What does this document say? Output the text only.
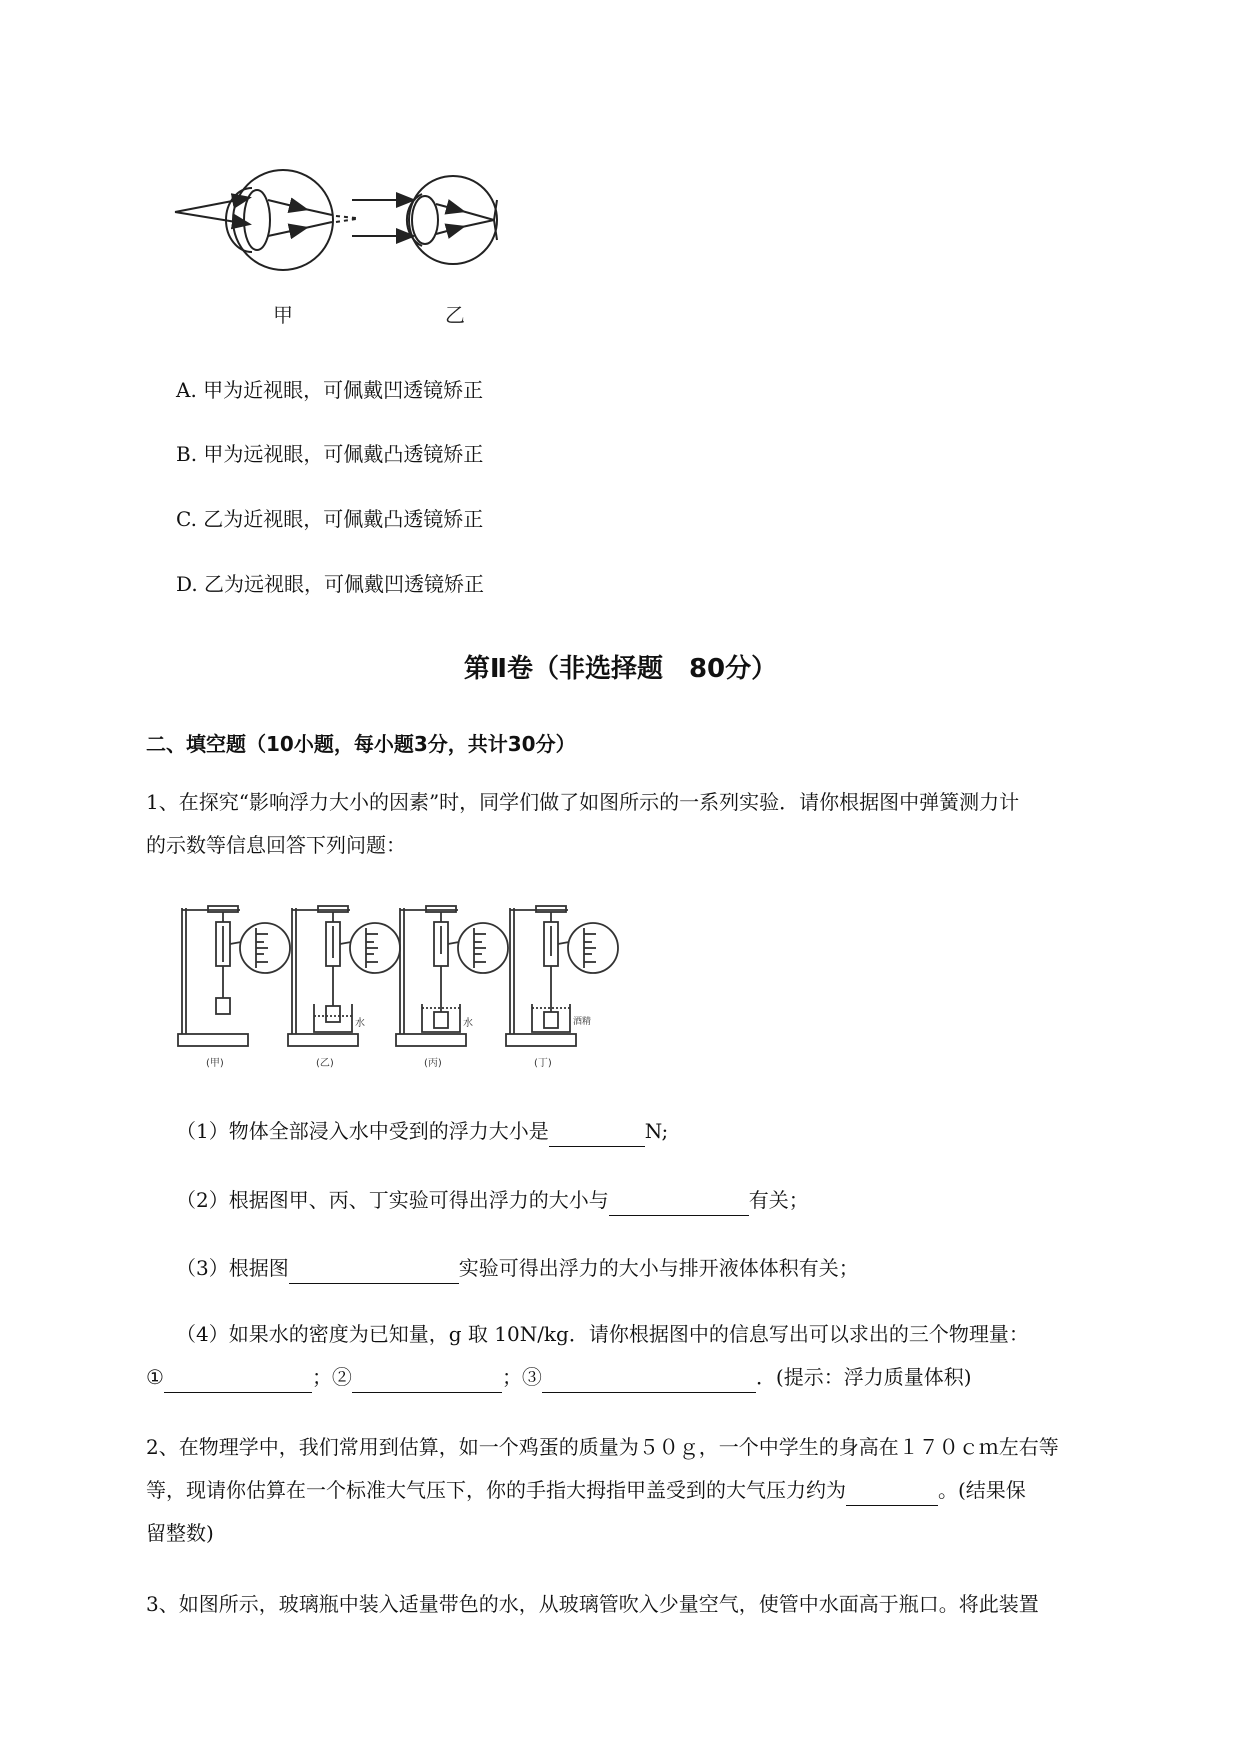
甲	乙
A. 甲为近视眼，可佩戴凹透镜矫正
B. 甲为远视眼，可佩戴凸透镜矫正
C. 乙为近视眼，可佩戴凸透镜矫正
D. 乙为远视眼，可佩戴凹透镜矫正
第Ⅱ卷（非选择题　80分）
二、填空题（10小题，每小题3分，共计30分）
1、在探究“影响浮力大小的因素”时，同学们做了如图所示的一系列实验．请你根据图中弹簧测力计
的示数等信息回答下列问题：
水	水	酒精
(甲)	(乙)	(丙)	(丁)
（1）物体全部浸入水中受到的浮力大小是	N;
（2）根据图甲、丙、丁实验可得出浮力的大小与	有关；
（3）根据图	实验可得出浮力的大小与排开液体体积有关；
（4）如果水的密度为已知量，g 取 10N/kg．请你根据图中的信息写出可以求出的三个物理量：
①	；②	；③	．(提示：浮力质量体积)
2、在物理学中，我们常用到估算，如一个鸡蛋的质量为５０ｇ，一个中学生的身高在１７０ｃｍ左右等
等，现请你估算在一个标准大气压下，你的手指大拇指甲盖受到的大气压力约为	。(结果保
留整数)
3、如图所示，玻璃瓶中装入适量带色的水，从玻璃管吹入少量空气，使管中水面高于瓶口。将此装置
